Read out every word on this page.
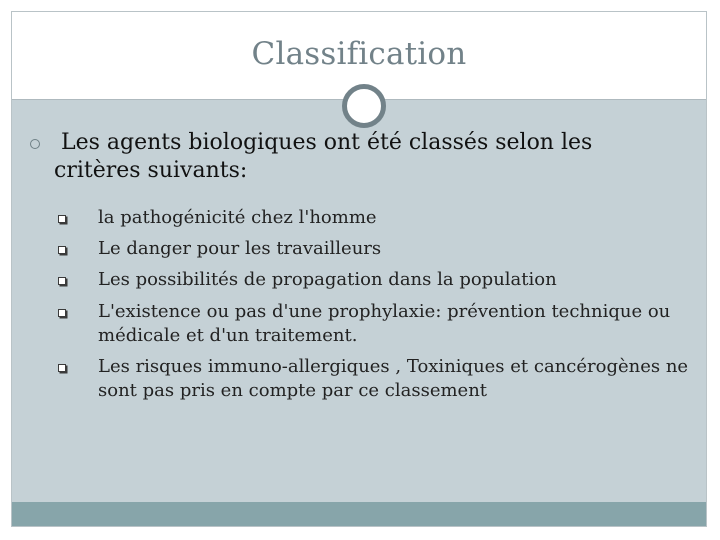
Classification
Les agents biologiques ont été classés selon les critères suivants:
la pathogénicité chez l'homme
Le danger pour les travailleurs
Les possibilités de propagation dans la population
L'existence ou pas d'une prophylaxie: prévention technique ou médicale et d'un traitement.
Les risques immuno-allergiques , Toxiniques et cancérogènes ne sont pas pris en compte par ce classement
